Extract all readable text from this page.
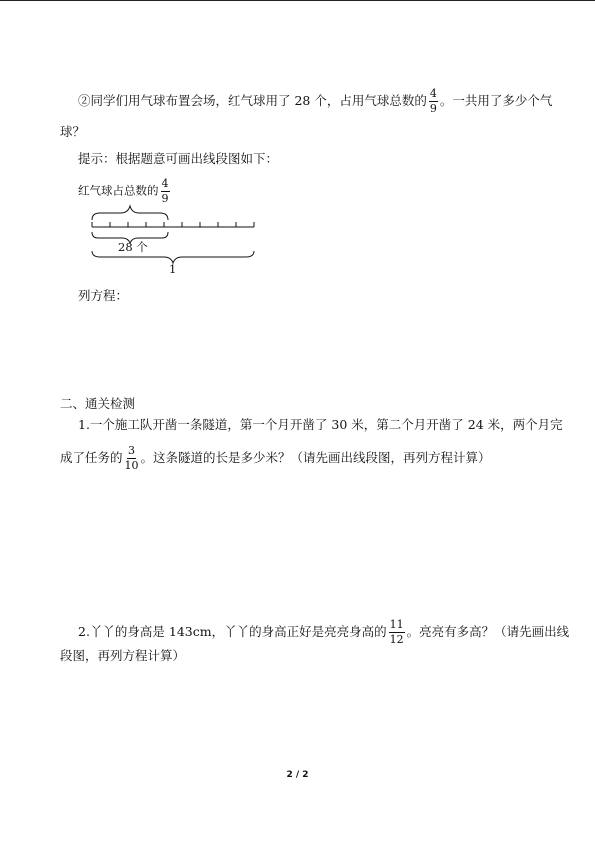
②同学们用气球布置会场，红气球用了 28 个，占用气球总数的 $\frac{4}{9}$ 。一共用了多少个气
球？
提示：根据题意可画出线段图如下：
红气球占总数的 $\frac{4}{9}$
28 个
1
列方程：
二、通关检测
1.一个施工队开凿一条隧道，第一个月开凿了 30 米，第二个月开凿了 24 米，两个月完
成了任务的 $\frac{3}{10}$ 。这条隧道的长是多少米？（请先画出线段图，再列方程计算）
2.丫丫的身高是 143cm，丫丫的身高正好是亮亮身高的 $\frac{11}{12}$ 。亮亮有多高？（请先画出线
段图，再列方程计算）
2 / 2
